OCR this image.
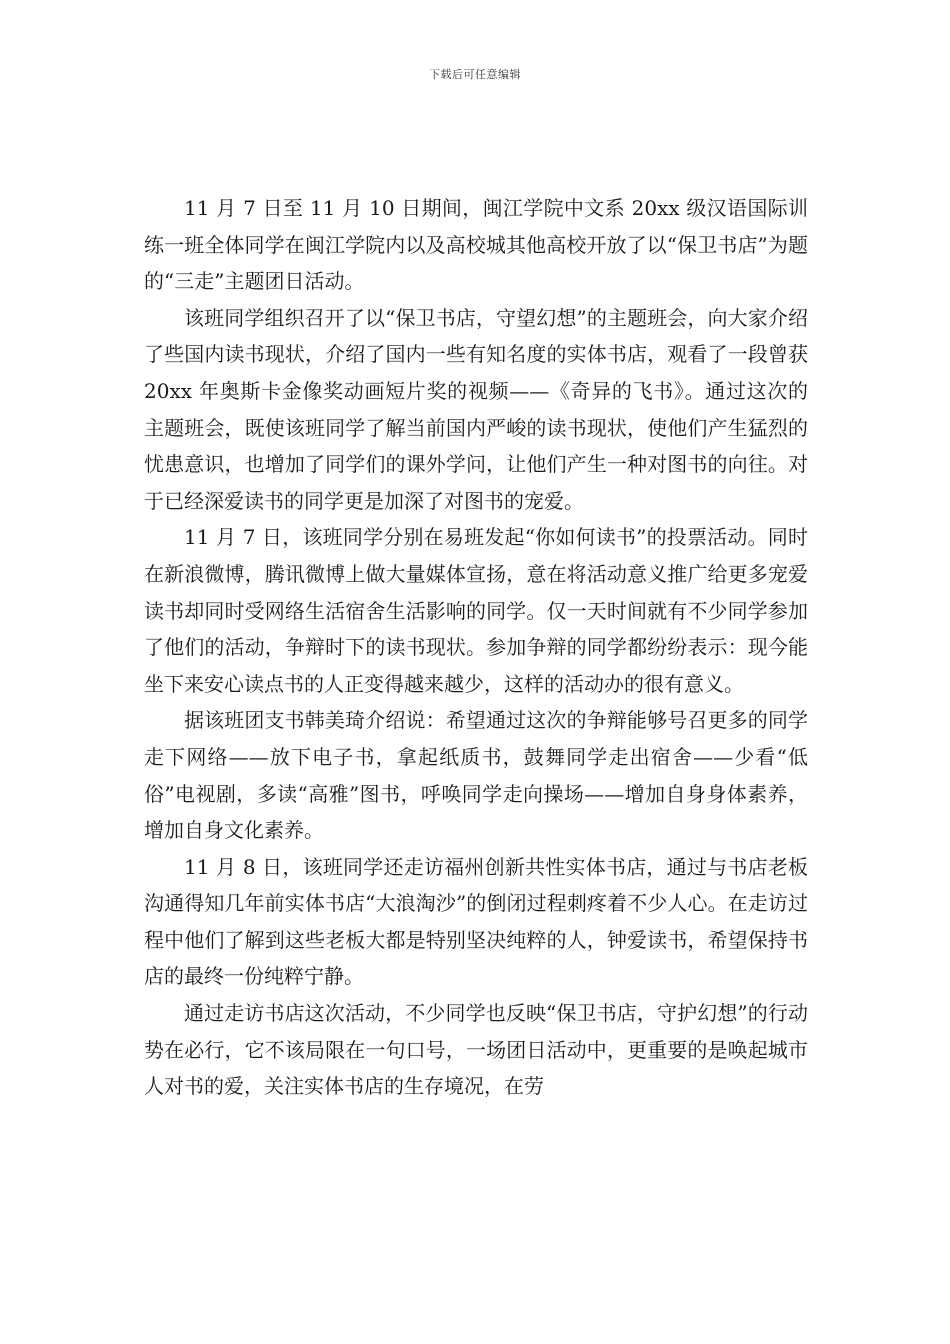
下载后可任意编辑

11 月 7 日至 11 月 10 日期间，闽江学院中文系 20xx 级汉语国际训练一班全体同学在闽江学院内以及高校城其他高校开放了以“保卫书店”为题的“三走”主题团日活动。

该班同学组织召开了以“保卫书店，守望幻想”的主题班会，向大家介绍了些国内读书现状，介绍了国内一些有知名度的实体书店，观看了一段曾获 20xx 年奥斯卡金像奖动画短片奖的视频——《奇异的飞书》。通过这次的主题班会，既使该班同学了解当前国内严峻的读书现状，使他们产生猛烈的忧患意识，也增加了同学们的课外学问，让他们产生一种对图书的向往。对于已经深爱读书的同学更是加深了对图书的宠爱。

11 月 7 日，该班同学分别在易班发起“你如何读书”的投票活动。同时在新浪微博，腾讯微博上做大量媒体宣扬，意在将活动意义推广给更多宠爱读书却同时受网络生活宿舍生活影响的同学。仅一天时间就有不少同学参加了他们的活动，争辩时下的读书现状。参加争辩的同学都纷纷表示：现今能坐下来安心读点书的人正变得越来越少，这样的活动办的很有意义。

据该班团支书韩美琦介绍说：希望通过这次的争辩能够号召更多的同学走下网络——放下电子书，拿起纸质书，鼓舞同学走出宿舍——少看“低俗”电视剧，多读“高雅”图书，呼唤同学走向操场——增加自身身体素养，增加自身文化素养。

11 月 8 日，该班同学还走访福州创新共性实体书店，通过与书店老板沟通得知几年前实体书店“大浪淘沙”的倒闭过程刺疼着不少人心。在走访过程中他们了解到这些老板大都是特别坚决纯粹的人，钟爱读书，希望保持书店的最终一份纯粹宁静。

通过走访书店这次活动，不少同学也反映“保卫书店，守护幻想”的行动势在必行，它不该局限在一句口号，一场团日活动中，更重要的是唤起城市人对书的爱，关注实体书店的生存境况，在劳
